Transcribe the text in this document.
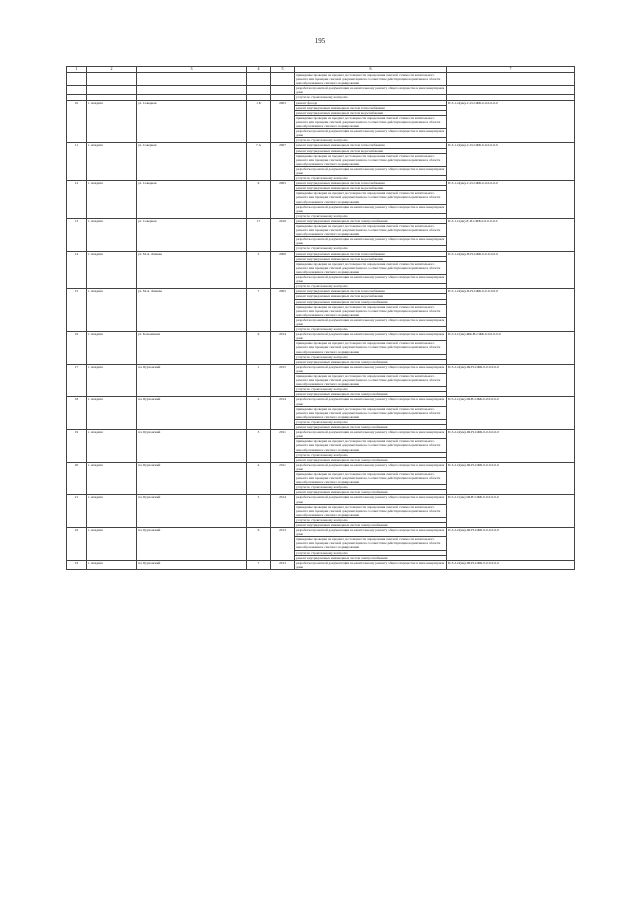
195
1	2	3	4	5	6	7
					приведение проверки на предмет достоверности определения сметной стоимости капитального ремонта или проверки сметной документации на соответствие действующим нормативам в области ценообразования и сметного нормирования	
					разработка проектной документации на капитальному ремонту общего имущества в многоквартирном доме	
					услуги по строительному контролю	
10	г. Ахадиха	ул. Северная	1 Б	2003	ремонт фасада	П-3-1-О(нн)-С-П-СЖБ-0-0-0-0-0-0
					ремонт внутридомовых инженерных систем теплоснабжения	
					ремонт внутридомовых инженерных систем водоснабжения	
					приведение проверки на предмет достоверности определения сметной стоимости капитального ремонта или проверки сметной документации на соответствие действующим нормативам в области ценообразования и сметного нормирования	
					разработка проектной документации на капитальному ремонту общего имущества в многоквартирном доме	
					услуги по строительному контролю	
11	г. Ахадиха	ул. Северная	7 А	2007	ремонт внутридомовых инженерных систем теплоснабжения	П-3-1-О(нн)-С-П-СЖБ-0-0-0-0-0-0
					ремонт внутридомовых инженерных систем водоснабжения	
					приведение проверки на предмет достоверности определения сметной стоимости капитального ремонта или проверки сметной документации на соответствие действующим нормативам в области ценообразования и сметного нормирования	
					разработка проектной документации на капитальному ремонту общего имущества в многоквартирном доме	
					услуги по строительному контролю	
12	г. Ахадиха	ул. Северная	9	2005	ремонт внутридомовых инженерных систем теплоснабжения	П-3-1-О(нн)-С-П-СЖБ-0-0-0-0-0-0
					ремонт внутридомовых инженерных систем водоснабжения	
					приведение проверки на предмет достоверности определения сметной стоимости капитального ремонта или проверки сметной документации на соответствие действующим нормативам в области ценообразования и сметного нормирования	
					разработка проектной документации на капитальному ремонту общего имущества в многоквартирном доме	
					услуги по строительному контролю	
13	г. Ахадиха	ул. Северная	17	2016	ремонт внутридомовых инженерных систем электроснабжения	П-3-1-С(нн)-Е-П-СЖБ-0-0-0-0-0-0
					приведение проверки на предмет достоверности определения сметной стоимости капитального ремонта или проверки сметной документации на соответствие действующим нормативам в области ценообразования и сметного нормирования	
					разработка проектной документации на капитальному ремонту общего имущества в многоквартирном доме	
					услуги по строительному контролю	
14	г. Ахадиха	ул. М.А. Ляшева	5	2006	ремонт внутридомовых инженерных систем теплоснабжения	П-3-1-О(нн)-П-Н-СЖБ-0-0-0-0-0-0
					ремонт внутридомовых инженерных систем водоснабжения	
					приведение проверки на предмет достоверности определения сметной стоимости капитального ремонта или проверки сметной документации на соответствие действующим нормативам в области ценообразования и сметного нормирования	
					разработка проектной документации на капитальному ремонту общего имущества в многоквартирном доме	
					услуги по строительному контролю	
15	г. Ахадиха	ул. М.А. Ляшева	7	2005	ремонт внутридомовых инженерных систем теплоснабжения	П-3-1-О(нн)-П-Н-СЖБ-0-0-0-0-0-0
					ремонт внутридомовых инженерных систем водоснабжения	
					ремонт внутридомовых инженерных систем электроснабжения	
					приведение проверки на предмет достоверности определения сметной стоимости капитального ремонта или проверки сметной документации на соответствие действующим нормативам в области ценообразования и сметного нормирования	
					разработка проектной документации на капитальному ремонту общего имущества в многоквартирном доме	
					услуги по строительному контролю	
16	г. Ахадиха	ул. Больничная	9	2014	разработка проектной документации на капитальному ремонту общего имущества в многоквартирном доме	П-5-2-С(нн)-ЖК-Н-СЖБ-0-0-0-0-0-0
					приведение проверки на предмет достоверности определения сметной стоимости капитального ремонта или проверки сметной документации на соответствие действующим нормативам в области ценообразования и сметного нормирования	
					услуги по строительному контролю	
					ремонт внутридомовых инженерных систем электроснабжения	
17	г. Ахадиха	пл. Бурхонский	1	2015	разработка проектной документации на капитальному ремонту общего имущества в многоквартирном доме	П-3-2-О(нн)-Ш-Н-СЖБ-0-0-0-0-0-0
					приведение проверки на предмет достоверности определения сметной стоимости капитального ремонта или проверки сметной документации на соответствие действующим нормативам в области ценообразования и сметного нормирования	
					услуги по строительному контролю	
					ремонт внутридомовых инженерных систем электроснабжения	
18	г. Ахадиха	пл. Бурхонский	2	2014	разработка проектной документации на капитальному ремонту общего имущества в многоквартирном доме	П-5-2-С(нн)-Ш-Н-СЖБ-0-0-0-0-0-0
					приведение проверки на предмет достоверности определения сметной стоимости капитального ремонта или проверки сметной документации на соответствие действующим нормативам в области ценообразования и сметного нормирования	
					услуги по строительному контролю	
					ремонт внутридомовых инженерных систем электроснабжения	
19	г. Ахадиха	пл. Бурхонский	3	2011	разработка проектной документации на капитальному ремонту общего имущества в многоквартирном доме	П-3-2-О(нн)-Ш-Н-СЖБ-0-0-0-0-0-0
					приведение проверки на предмет достоверности определения сметной стоимости капитального ремонта или проверки сметной документации на соответствие действующим нормативам в области ценообразования и сметного нормирования	
					услуги по строительному контролю	
					ремонт внутридомовых инженерных систем электроснабжения	
20	г. Ахадиха	пл. Бурхонский	4	2011	разработка проектной документации на капитальному ремонту общего имущества в многоквартирном доме	П-3-2-О(нн)-Ш-Н-СЖБ-0-0-0-0-0-0
					приведение проверки на предмет достоверности определения сметной стоимости капитального ремонта или проверки сметной документации на соответствие действующим нормативам в области ценообразования и сметного нормирования	
					услуги по строительному контролю	
					ремонт внутридомовых инженерных систем электроснабжения	
21	г. Ахадиха	пл. Бурхонский	5	2014	разработка проектной документации на капитальному ремонту общего имущества в многоквартирном доме	П-5-2-С(нн)-Ш-Н-СЖБ-0-0-0-0-0-0
					приведение проверки на предмет достоверности определения сметной стоимости капитального ремонта или проверки сметной документации на соответствие действующим нормативам в области ценообразования и сметного нормирования	
					услуги по строительному контролю	
					ремонт внутридомовых инженерных систем электроснабжения	
22	г. Ахадиха	пл. Бурхонский	6	2013	разработка проектной документации на капитальному ремонту общего имущества в многоквартирном доме	П-3-2-О(нн)-Ш-Н-СЖБ-0-0-0-0-0-0
					приведение проверки на предмет достоверности определения сметной стоимости капитального ремонта или проверки сметной документации на соответствие действующим нормативам в области ценообразования и сметного нормирования	
					услуги по строительному контролю	
					ремонт внутридомовых инженерных систем электроснабжения	
23	г. Ахадиха	пл. Бурхонский	7	2013	разработка проектной документации на капитальному ремонту общего имущества в многоквартирном доме	П-3-2-О(нн)-Ш-Н-СЖБ-0-0-0-0-0-0
